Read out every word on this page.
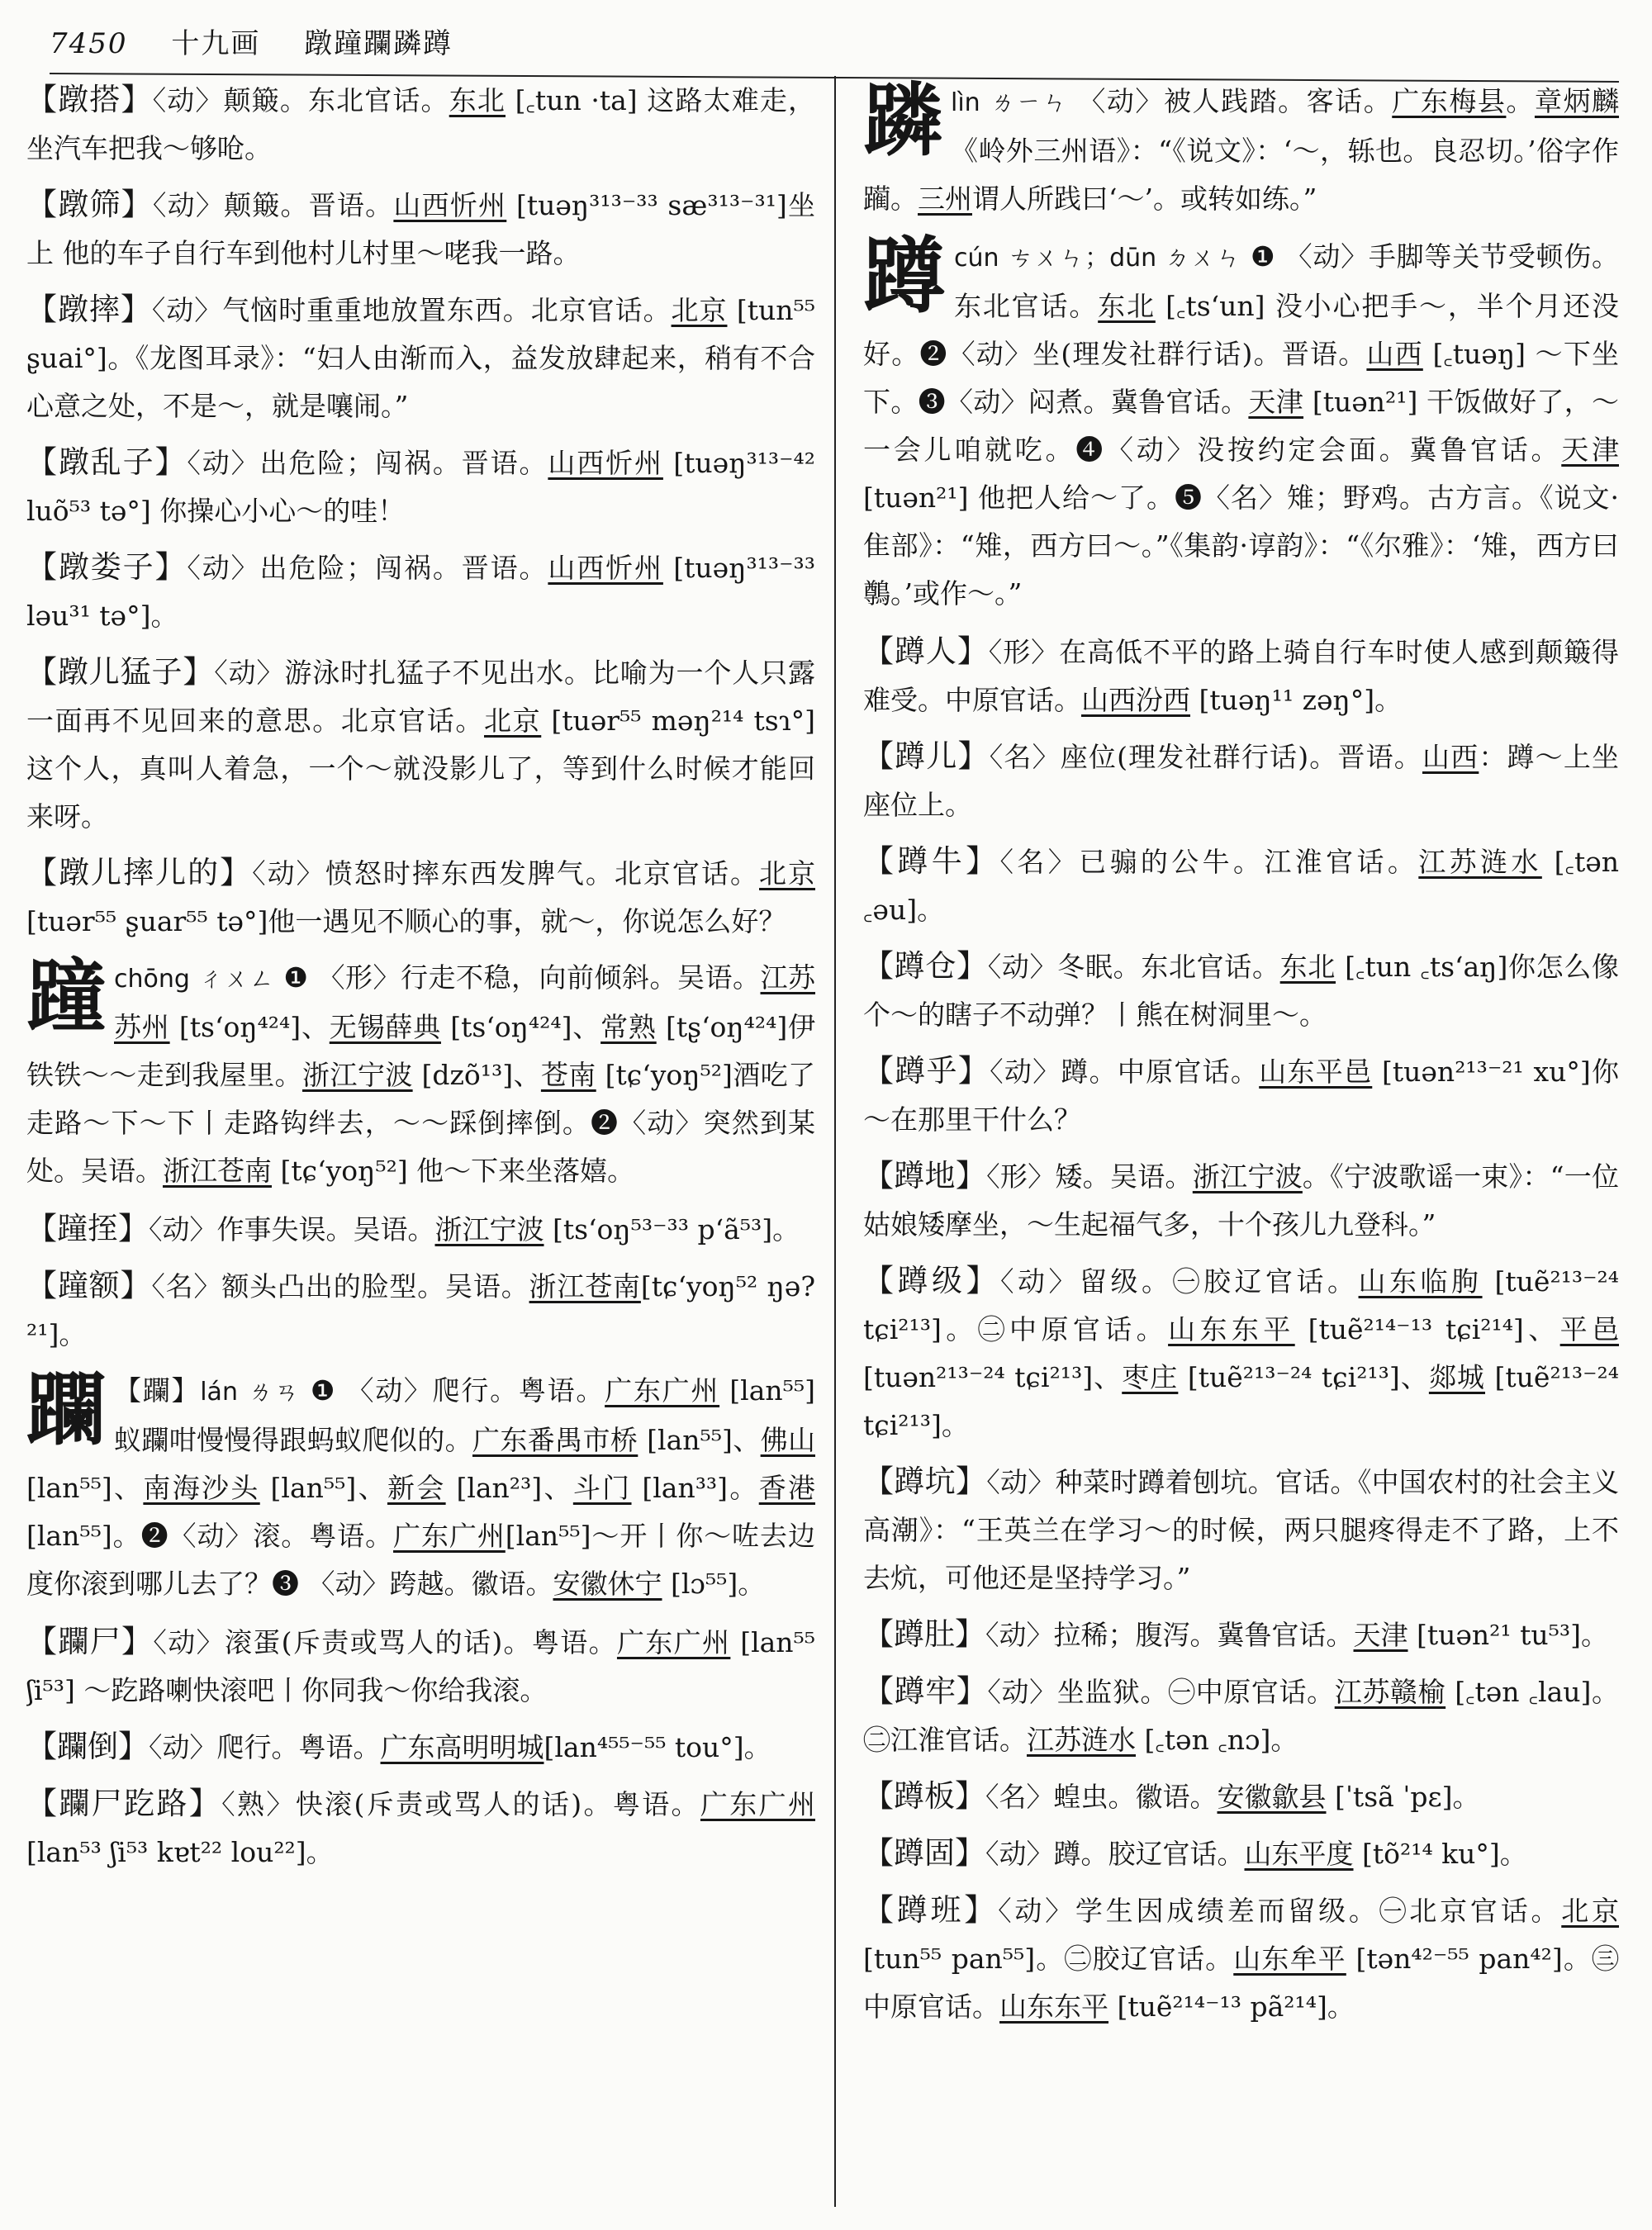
7450 十九画 蹾蹱躝蹸蹲
【蹾搭】〈动〉颠簸。东北官话。东北 [꜀tun ·ta] 这路太难走，坐汽车把我～够呛。
【蹾筛】〈动〉颠簸。晋语。山西忻州 [tuəŋ³¹³⁻³³ sæ³¹³⁻³¹]坐 上 他的车子自行车到他村儿村里～咾我一路。
【蹾摔】〈动〉气恼时重重地放置东西。北京官话。北京 [tun⁵⁵ ʂuai°]。《龙图耳录》：“妇人由渐而入，益发放肆起来，稍有不合心意之处，不是～，就是嚷闹。”
【蹾乱子】〈动〉出危险；闯祸。晋语。山西忻州 [tuəŋ³¹³⁻⁴² luõ⁵³ tə°] 你操心小心～的哇！
【蹾娄子】〈动〉出危险；闯祸。晋语。山西忻州 [tuəŋ³¹³⁻³³ ləu³¹ tə°]。
【蹾儿猛子】〈动〉游泳时扎猛子不见出水。比喻为一个人只露一面再不见回来的意思。北京官话。北京 [tuər⁵⁵ məŋ²¹⁴ tsɿ°] 这个人，真叫人着急，一个～就没影儿了，等到什么时候才能回来呀。
【蹾儿摔儿的】〈动〉愤怒时摔东西发脾气。北京官话。北京 [tuər⁵⁵ ʂuar⁵⁵ tə°]他一遇见不顺心的事，就～，你说怎么好？
蹱 chōng ㄔㄨㄥ ❶ 〈形〉行走不稳，向前倾斜。吴语。江苏苏州 [tsʻoŋ⁴²⁴]、无锡薛典 [tsʻoŋ⁴²⁴]、常熟 [tʂʻoŋ⁴²⁴]伊铁铁～～走到我屋里。浙江宁波 [dzõ¹³]、苍南 [tɕʻyoŋ⁵²]酒吃了走路～下～下丨走路钩绊去，～～踩倒摔倒。❷〈动〉突然到某处。吴语。浙江苍南 [tɕʻyoŋ⁵²] 他～下来坐落嬉。
【蹱挃】〈动〉作事失误。吴语。浙江宁波 [tsʻoŋ⁵³⁻³³ pʻã⁵³]。
【蹱额】〈名〉额头凸出的脸型。吴语。浙江苍南[tɕʻyoŋ⁵² ŋə?²¹]。
躝 【躝】lán ㄌㄢ ❶ 〈动〉爬行。粤语。广东广州 [lan⁵⁵] 蚁躝咁慢慢得跟蚂蚁爬似的。广东番禺市桥 [lan⁵⁵]、佛山 [lan⁵⁵]、南海沙头 [lan⁵⁵]、新会 [lan²³]、斗门 [lan³³]。香港[lan⁵⁵]。❷〈动〉滚。粤语。广东广州[lan⁵⁵]～开丨你～咗去边度你滚到哪儿去了？❸ 〈动〉跨越。徽语。安徽休宁 [lɔ⁵⁵]。
【躝尸】〈动〉滚蛋(斥责或骂人的话)。粤语。广东广州 [lan⁵⁵ ʃi⁵³] ～趷路喇快滚吧丨你同我～你给我滚。
【躝倒】〈动〉爬行。粤语。广东高明明城[lan⁴⁵⁵⁻⁵⁵ tou°]。
【躝尸趷路】〈熟〉快滚(斥责或骂人的话)。粤语。广东广州[lan⁵³ ʃi⁵³ kɐt²² lou²²]。
蹸 lìn ㄌㄧㄣ 〈动〉被人践踏。客话。广东梅县。章炳麟《岭外三州语》：“《说文》：‘～，轹也。良忍切。’俗字作躏。三州谓人所践曰‘～’。或转如练。”
蹲 cún ㄘㄨㄣ；dūn ㄉㄨㄣ ❶ 〈动〉手脚等关节受顿伤。东北官话。东北 [꜀tsʻun] 没小心把手～，半个月还没好。❷〈动〉坐(理发社群行话)。晋语。山西 [꜀tuəŋ] ～下坐下。❸〈动〉闷煮。冀鲁官话。天津 [tuən²¹] 干饭做好了，～一会儿咱就吃。❹〈动〉没按约定会面。冀鲁官话。天津 [tuən²¹] 他把人给～了。❺〈名〉雉；野鸡。古方言。《说文·隹部》：“雉，西方曰～。”《集韵·谆韵》：“《尔雅》：‘雉，西方曰鷷。’或作～。”
【蹲人】〈形〉在高低不平的路上骑自行车时使人感到颠簸得难受。中原官话。山西汾西 [tuəŋ¹¹ zəŋ°]。
【蹲儿】〈名〉座位(理发社群行话)。晋语。山西：蹲～上坐座位上。
【蹲牛】〈名〉已骟的公牛。江淮官话。江苏涟水 [꜀tən ꜀əu]。
【蹲仓】〈动〉冬眠。东北官话。东北 [꜀tun ꜀tsʻaŋ]你怎么像个～的瞎子不动弹？丨熊在树洞里～。
【蹲乎】〈动〉蹲。中原官话。山东平邑 [tuən²¹³⁻²¹ xu°]你～在那里干什么？
【蹲地】〈形〉矮。吴语。浙江宁波。《宁波歌谣一束》：“一位姑娘矮摩坐，～生起福气多，十个孩儿九登科。”
【蹲级】〈动〉留级。㊀胶辽官话。山东临朐 [tuẽ²¹³⁻²⁴ tɕi²¹³]。㊁中原官话。山东东平 [tuẽ²¹⁴⁻¹³ tɕi²¹⁴]、平邑 [tuən²¹³⁻²⁴ tɕi²¹³]、枣庄 [tuẽ²¹³⁻²⁴ tɕi²¹³]、郯城 [tuẽ²¹³⁻²⁴ tɕi²¹³]。
【蹲坑】〈动〉种菜时蹲着刨坑。官话。《中国农村的社会主义高潮》：“王英兰在学习～的时候，两只腿疼得走不了路，上不去炕，可他还是坚持学习。”
【蹲肚】〈动〉拉稀；腹泻。冀鲁官话。天津 [tuən²¹ tu⁵³]。
【蹲牢】〈动〉坐监狱。㊀中原官话。江苏赣榆 [꜀tən ꜀lau]。㊁江淮官话。江苏涟水 [꜀tən ꜀nɔ]。
【蹲板】〈名〉蝗虫。徽语。安徽歙县 [ˈtsã ˈpɛ]。
【蹲固】〈动〉蹲。胶辽官话。山东平度 [tõ²¹⁴ ku°]。
【蹲班】〈动〉学生因成绩差而留级。㊀北京官话。北京 [tun⁵⁵ pan⁵⁵]。㊁胶辽官话。山东牟平 [tən⁴²⁻⁵⁵ pan⁴²]。㊂中原官话。山东东平 [tuẽ²¹⁴⁻¹³ pã²¹⁴]。
